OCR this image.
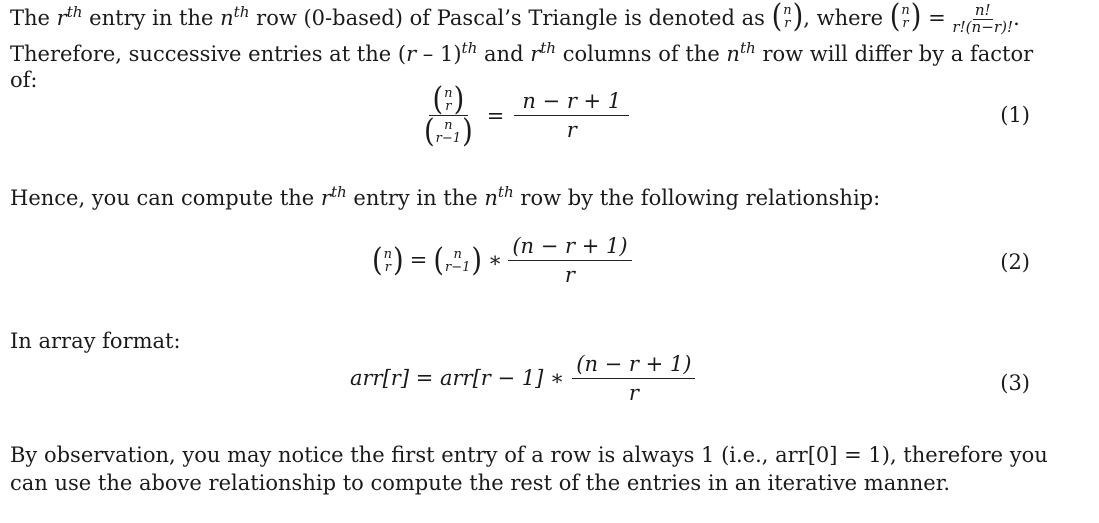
The $r^{th}$ entry in the $n^{th}$ row (0-based) of Pascal’s Triangle is denoted as ( n
r ) , where ( n
r ) = $\frac{n!}{r!(n-r)!}$ .

Therefore, successive entries at the (r – 1)$^{th}$ and $r^{th}$ columns of the $n^{th}$ row will differ by a factor

of:

( n
r )
( n
r−1 ) = $\frac{n - r + 1}{r}$	(1)

Hence, you can compute the $r^{th}$ entry in the $n^{th}$ row by the following relationship:

( n
r ) = ( n
r−1 ) ∗ $\frac{(n - r + 1)}{r}$	(2)

In array format:

arr[r] = arr[r − 1] ∗ $\frac{(n - r + 1)}{r}$	(3)

By observation, you may notice the first entry of a row is always 1 (i.e., arr[0] = 1), therefore you

can use the above relationship to compute the rest of the entries in an iterative manner.
